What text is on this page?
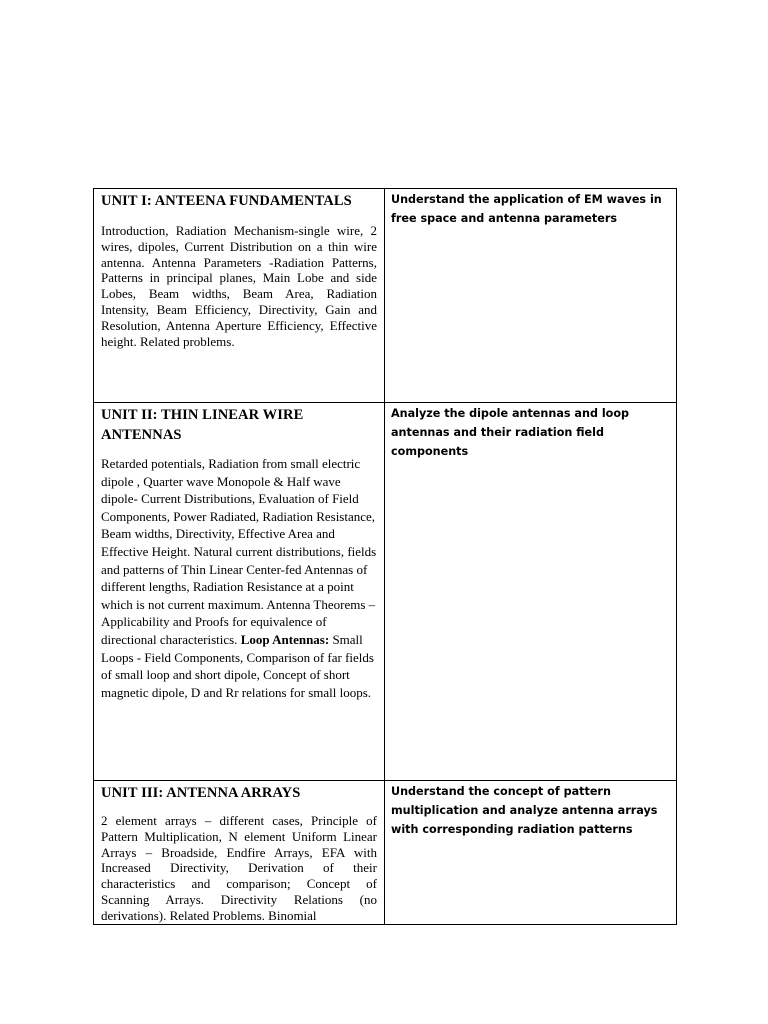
UNIT I: ANTEENA FUNDAMENTALS

Introduction, Radiation Mechanism-single wire, 2 wires, dipoles, Current Distribution on a thin wire antenna. Antenna Parameters -Radiation Patterns, Patterns in principal planes, Main Lobe and side Lobes, Beam widths, Beam Area, Radiation Intensity, Beam Efficiency, Directivity, Gain and Resolution, Antenna Aperture Efficiency, Effective height. Related problems.	Understand the application of EM waves in free space and antenna parameters

UNIT II: THIN LINEAR WIRE ANTENNAS

Retarded potentials, Radiation from small electric dipole , Quarter wave Monopole & Half wave dipole- Current Distributions, Evaluation of Field Components, Power Radiated, Radiation Resistance, Beam widths, Directivity, Effective Area and Effective Height. Natural current distributions, fields and patterns of Thin Linear Center-fed Antennas of different lengths, Radiation Resistance at a point which is not current maximum. Antenna Theorems – Applicability and Proofs for equivalence of directional characteristics. Loop Antennas: Small Loops - Field Components, Comparison of far fields of small loop and short dipole, Concept of short magnetic dipole, D and Rr relations for small loops.	Analyze the dipole antennas and loop antennas and their radiation field components

UNIT III: ANTENNA ARRAYS

2 element arrays – different cases, Principle of Pattern Multiplication, N element Uniform Linear Arrays – Broadside, Endfire Arrays, EFA with Increased Directivity, Derivation of their characteristics and comparison; Concept of Scanning Arrays. Directivity Relations (no derivations). Related Problems. Binomial	Understand the concept of pattern multiplication and analyze antenna arrays with corresponding radiation patterns
